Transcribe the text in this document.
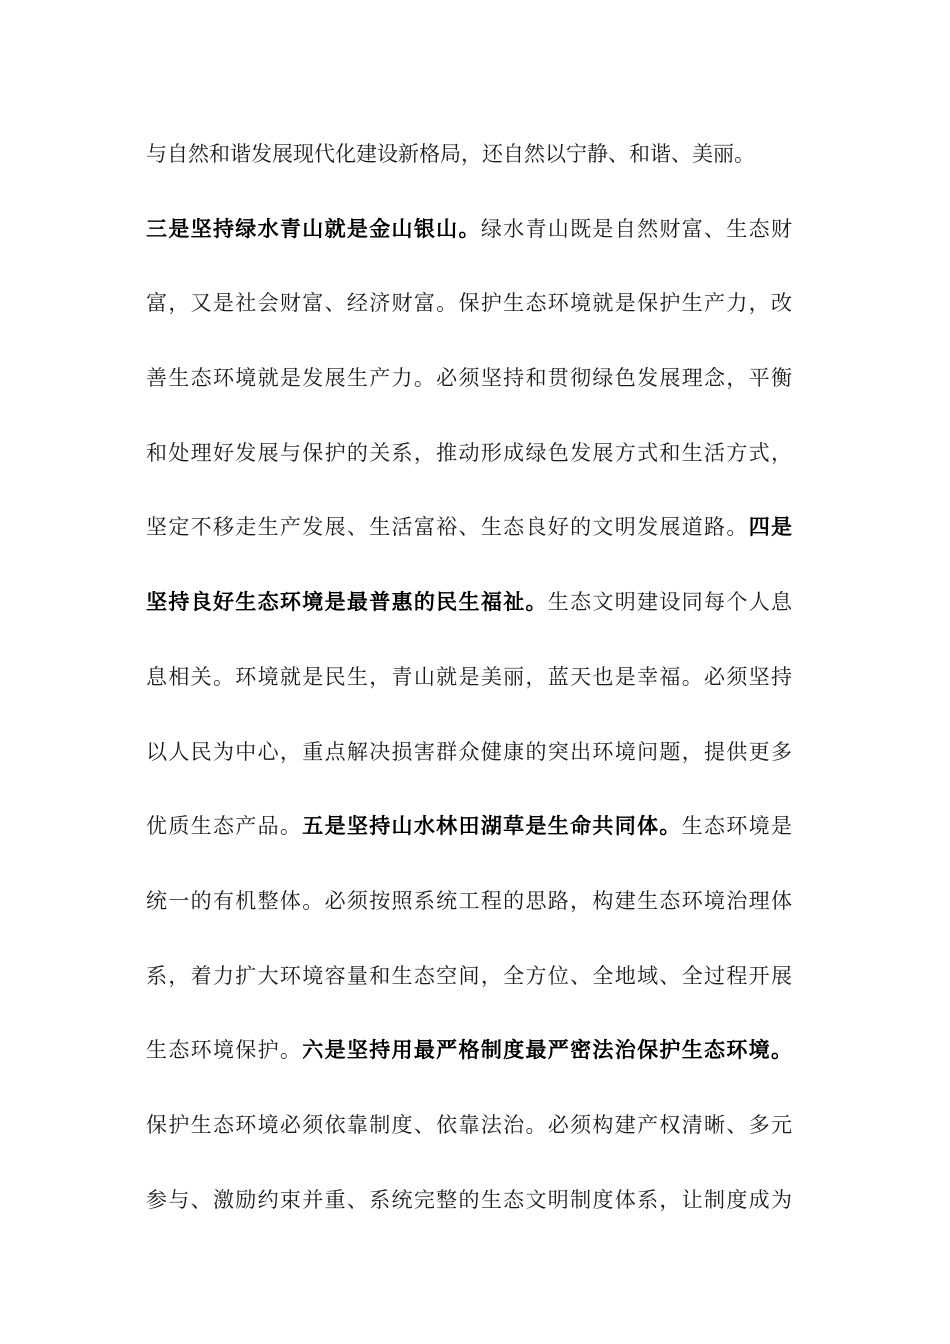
与自然和谐发展现代化建设新格局，还自然以宁静、和谐、美丽。
三是坚持绿水青山就是金山银山。绿水青山既是自然财富、生态财
富，又是社会财富、经济财富。保护生态环境就是保护生产力，改
善生态环境就是发展生产力。必须坚持和贯彻绿色发展理念，平衡
和处理好发展与保护的关系，推动形成绿色发展方式和生活方式，
坚定不移走生产发展、生活富裕、生态良好的文明发展道路。四是
坚持良好生态环境是最普惠的民生福祉。生态文明建设同每个人息
息相关。环境就是民生，青山就是美丽，蓝天也是幸福。必须坚持
以人民为中心，重点解决损害群众健康的突出环境问题，提供更多
优质生态产品。五是坚持山水林田湖草是生命共同体。生态环境是
统一的有机整体。必须按照系统工程的思路，构建生态环境治理体
系，着力扩大环境容量和生态空间，全方位、全地域、全过程开展
生态环境保护。六是坚持用最严格制度最严密法治保护生态环境。
保护生态环境必须依靠制度、依靠法治。必须构建产权清晰、多元
参与、激励约束并重、系统完整的生态文明制度体系，让制度成为
